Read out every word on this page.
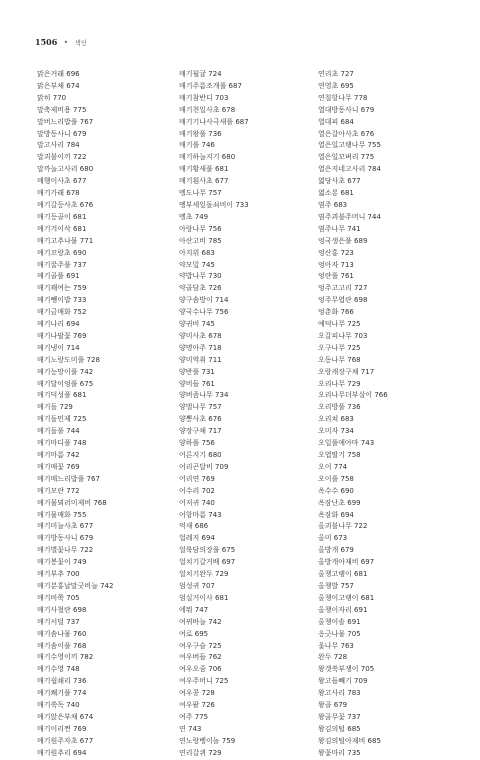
1506 • 색인
맑은거래 696
맑은부채 674
맑히 770
말축제비용 775
말버느리밥풀 767
말방동사니 679
말고사리 784
말괴불이끼 722
말까늘고사리 680
매행이사초 677
매기가래 678
매기갈등사초 676
매기등골이 681
매기겨이삭 681
매기고추나물 771
매기꼬랑초 690
매기꿀주풀 737
매기골풀 691
매기꽤여는 759
매기뺑이밥 733
매기금매화 752
매기나리 694
매기나팔꽃 769
매기냉이 714
매기노랑도미풀 728
매기능망이풀 742
매기달이엉풀 675
매기덕성풀 681
매기돌 729
매기돌민제 725
매기돌풀 744
매기마디풀 748
매기마름 742
매기매꽃 769
매기메느리밥풀 767
매기모란 772
매기물뫼러미제비 768
매기물매화 755
매기미늘사초 677
매기방동사니 679
매기별꽃나무 722
매기봉꽃이 749
매기부추 700
매기분홍날말굿비늘 742
매기비쭉 705
매기사철란 698
매기서덜 737
매기솜나물 760
매기솜이풀 768
매기수영이끼 782
매기수영 748
매기쉽쇄리 736
매기쐐기풀 774
매기쑥독 740
매기앉은부채 674
매기이리쩐 769
매기원주자초 677
매기원추리 694
매기월귤 724
매기주름조개풀 687
매기참반디 703
매기천일사초 678
매기기나사극새풀 687
매기왕풀 736
매기풀 746
매기하늘지기 680
매기황새풀 681
매기흰사초 677
멩도나무 757
멩부세잎돌쇠비이 733
멩초 749
아랑나무 756
아산고비 785
아지위 683
약모밀 745
약밥나무 730
약골담초 726
양구솜방이 714
양국수나무 756
양귀비 745
양미사초 678
양명아주 718
양미역취 711
양반풀 731
양비들 761
양버즘나무 734
양벌나무 757
양뽕사초 676
양장구채 717
양하풀 756
어른지기 680
어리곤달비 709
어리연 769
어수리 702
어저귀 740
어항마름 743
억새 686
얼레지 694
얼룩담의장풀 675
얼치기갈거배 697
얼치기완두 729
엄성귀 707
엄실거이사 681
에뭐 747
여뀌바늘 742
여로 695
여우구슬 725
여우버들 762
여우오줌 706
여우주머니 725
여우콩 728
여우팥 726
여주 775
연 743
연노랑벵이놀 759
연리갈퀴 729
연리초 727
연영초 695
연칠항나무 778
열대방동사니 679
열대피 684
열은갈아사초 676
열은일고랭나무 755
열은일꼬벼리 775
열은지네고사리 784
엷당사초 677
엷소롱 681
염주 683
염주괴불주머니 744
염주나무 741
엉국생은풀 689
엉산홍 723
엉아자 713
엉란풀 761
엉주고고리 727
엉주무엽란 698
엉춘화 766
예덕나무 725
오갈피나무 703
오구나무 725
오동나무 768
오랑캐장구채 717
오리나무 729
오리나무더부살이 766
오리방풀 736
오리쳐 683
오미자 734
오일풀애아마 743
오엽딸기 758
오이 774
오이풀 758
옥수수 690
옥잠난초 699
옥잠화 694
올괴불나무 722
올미 673
올방개 679
올방개아재비 697
올챙고랭이 681
올챙발 757
올챙이고랭이 681
올챙이자리 691
올챙이솔 691
옹긋나물 705
옻나무 763
완두 728
왕갯쑥부쟁이 705
왕고들빼기 709
왕고사리 783
왕골 679
왕골무꽃 737
왕김의털 685
왕김의털아재비 685
왕꽃마리 735
